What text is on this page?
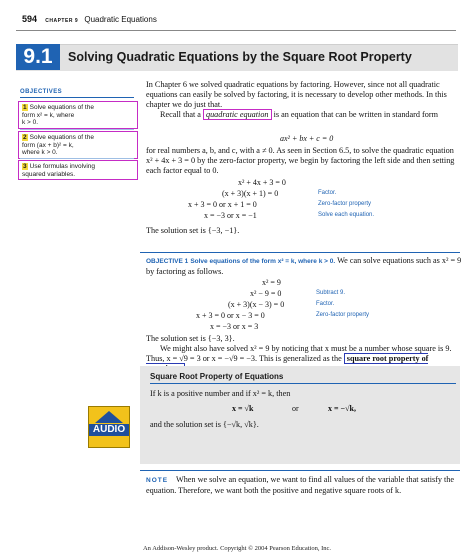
594 CHAPTER 9 Quadratic Equations
9.1	Solving Quadratic Equations by the Square Root Property
OBJECTIVES
1 Solve equations of the
form x² = k, where
k > 0.
2 Solve equations of the
form (ax + b)² = k,
where k > 0.
3 Use formulas involving
squared variables.
In Chapter 6 we solved quadratic equations by factoring. However, since not all quadratic equations can easily be solved by factoring, it is necessary to develop other methods. In this chapter we do just that.
Recall that a quadratic equation is an equation that can be written in standard form
ax² + bx + c = 0
for real numbers a, b, and c, with a ≠ 0. As seen in Section 6.5, to solve the quadratic equation x² + 4x + 3 = 0 by the zero-factor property, we begin by factoring the left side and then setting each factor equal to 0.
x² + 4x + 3 = 0
(x + 3)(x + 1) = 0	Factor.
x + 3 = 0 or x + 1 = 0	Zero-factor property
x = −3 or x = −1	Solve each equation.
The solution set is {−3, −1}.
OBJECTIVE 1 Solve equations of the form x² = k, where k > 0. We can solve equations such as x² = 9 by factoring as follows.
x² = 9
x² − 9 = 0	Subtract 9.
(x + 3)(x − 3) = 0	Factor.
x + 3 = 0 or x − 3 = 0	Zero-factor property
x = −3 or x = 3
The solution set is {−3, 3}.
We might also have solved x² = 9 by noticing that x must be a number whose square is 9. Thus, x = √9 = 3 or x = −√9 = −3. This is generalized as the square root property of
Square Root Property of Equations
If k is a positive number and if x² = k, then
x = √k	or	x = −√k,
and the solution set is {−√k, √k}.
AUDIO
NOTE When we solve an equation, we want to find all values of the variable that satisfy the equation. Therefore, we want both the positive and negative square roots of k.
An Addison-Wesley product. Copyright © 2004 Pearson Education, Inc.
